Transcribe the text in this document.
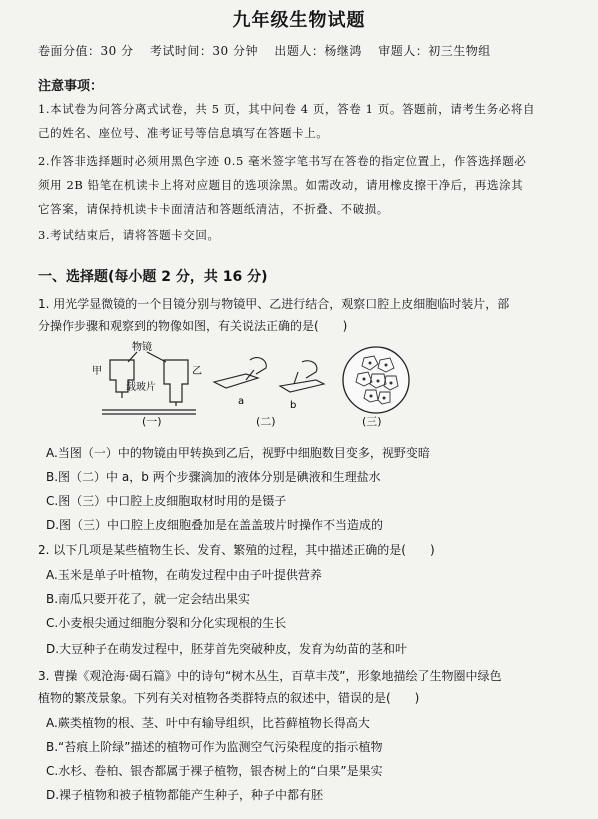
九年级生物试题
卷面分值：30 分 考试时间：30 分钟 出题人：杨继鸿 审题人：初三生物组
注意事项：
1.本试卷为问答分离式试卷，共 5 页，其中问卷 4 页，答卷 1 页。答题前，请考生务必将自
己的姓名、座位号、准考证号等信息填写在答题卡上。
2.作答非选择题时必须用黑色字迹 0.5 毫米签字笔书写在答卷的指定位置上，作答选择题必
须用 2B 铅笔在机读卡上将对应题目的选项涂黑。如需改动，请用橡皮擦干净后，再选涂其
它答案，请保持机读卡卡面清洁和答题纸清洁，不折叠、不破损。
3.考试结束后，请将答题卡交回。
一、选择题(每小题 2 分，共 16 分)
1. 用光学显微镜的一个目镜分别与物镜甲、乙进行结合，观察口腔上皮细胞临时装片，部
分操作步骤和观察到的物像如图，有关说法正确的是(　　)
物镜
甲	乙
载玻片
(一)
a	b
(二)	(三)
A.当图（一）中的物镜由甲转换到乙后，视野中细胞数目变多，视野变暗
B.图（二）中 a，b 两个步骤滴加的液体分别是碘液和生理盐水
C.图（三）中口腔上皮细胞取材时用的是镊子
D.图（三）中口腔上皮细胞叠加是在盖盖玻片时操作不当造成的
2. 以下几项是某些植物生长、发育、繁殖的过程，其中描述正确的是(　　)
A.玉米是单子叶植物，在萌发过程中由子叶提供营养
B.南瓜只要开花了，就一定会结出果实
C.小麦根尖通过细胞分裂和分化实现根的生长
D.大豆种子在萌发过程中，胚芽首先突破种皮，发育为幼苗的茎和叶
3. 曹操《观沧海·碣石篇》中的诗句“树木丛生，百草丰茂”，形象地描绘了生物圈中绿色
植物的繁茂景象。下列有关对植物各类群特点的叙述中，错误的是(　　)
A.蕨类植物的根、茎、叶中有输导组织，比苔藓植物长得高大
B.“苔痕上阶绿”描述的植物可作为监测空气污染程度的指示植物
C.水杉、卷柏、银杏都属于裸子植物，银杏树上的“白果”是果实
D.裸子植物和被子植物都能产生种子，种子中都有胚
